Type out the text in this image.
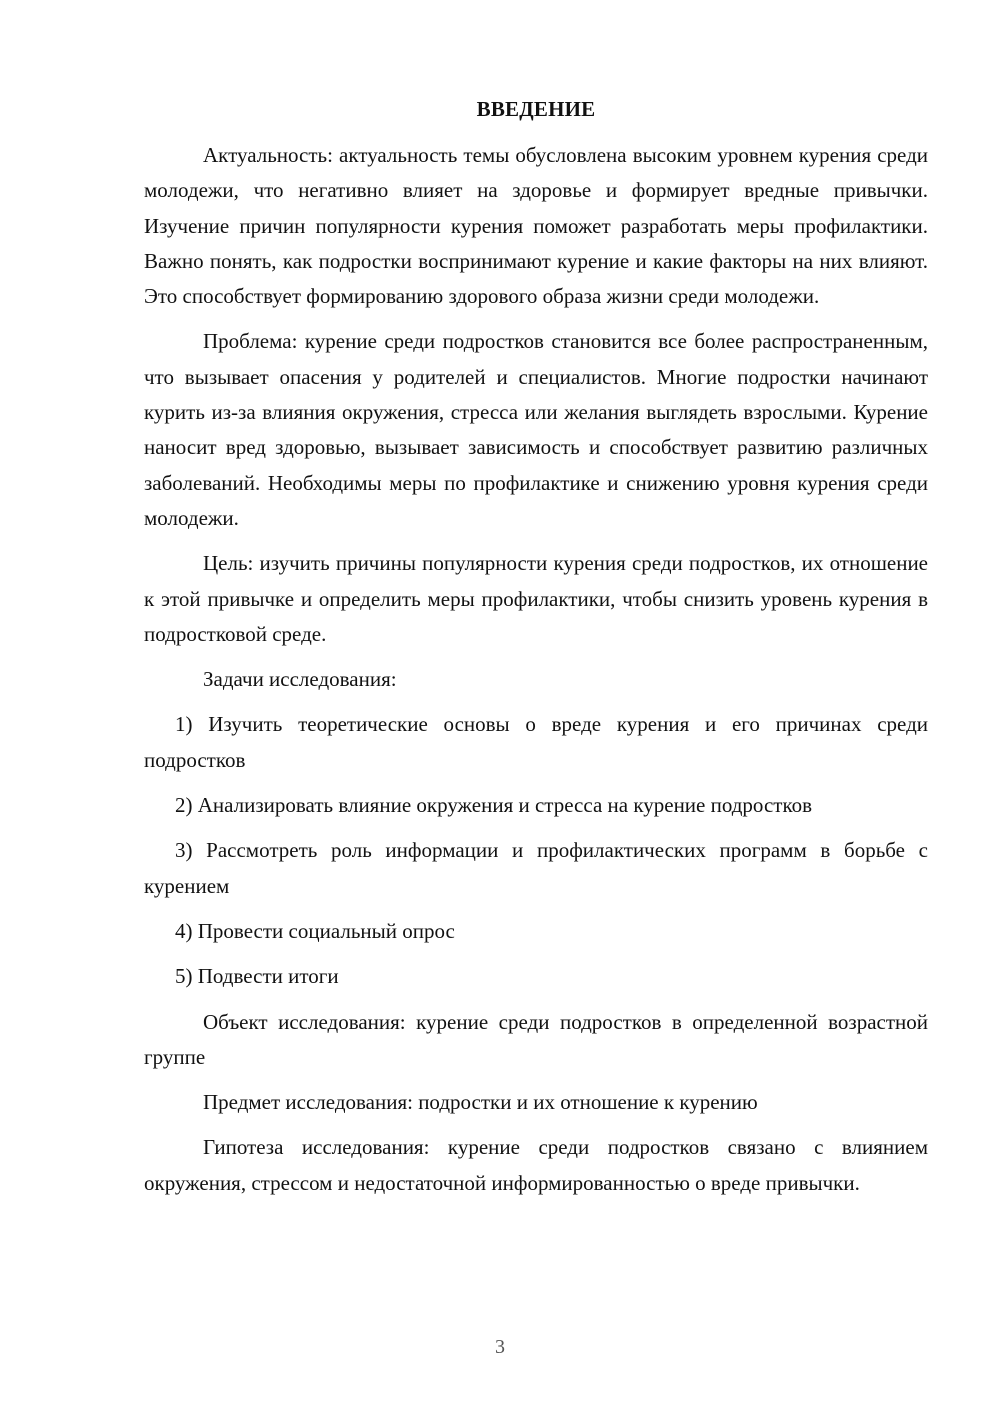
ВВЕДЕНИЕ

Актуальность: актуальность темы обусловлена высоким уровнем курения среди молодежи, что негативно влияет на здоровье и формирует вредные привычки. Изучение причин популярности курения поможет разработать меры профилактики. Важно понять, как подростки воспринимают курение и какие факторы на них влияют. Это способствует формированию здорового образа жизни среди молодежи.

Проблема: курение среди подростков становится все более распространенным, что вызывает опасения у родителей и специалистов. Многие подростки начинают курить из-за влияния окружения, стресса или желания выглядеть взрослыми. Курение наносит вред здоровью, вызывает зависимость и способствует развитию различных заболеваний. Необходимы меры по профилактике и снижению уровня курения среди молодежи.

Цель: изучить причины популярности курения среди подростков, их отношение к этой привычке и определить меры профилактики, чтобы снизить уровень курения в подростковой среде.

Задачи исследования:

1) Изучить теоретические основы о вреде курения и его причинах среди подростков

2) Анализировать влияние окружения и стресса на курение подростков

3) Рассмотреть роль информации и профилактических программ в борьбе с курением

4) Провести социальный опрос

5) Подвести итоги

Объект исследования: курение среди подростков в определенной возрастной группе

Предмет исследования: подростки и их отношение к курению

Гипотеза исследования: курение среди подростков связано с влиянием окружения, стрессом и недостаточной информированностью о вреде привычки.

3
